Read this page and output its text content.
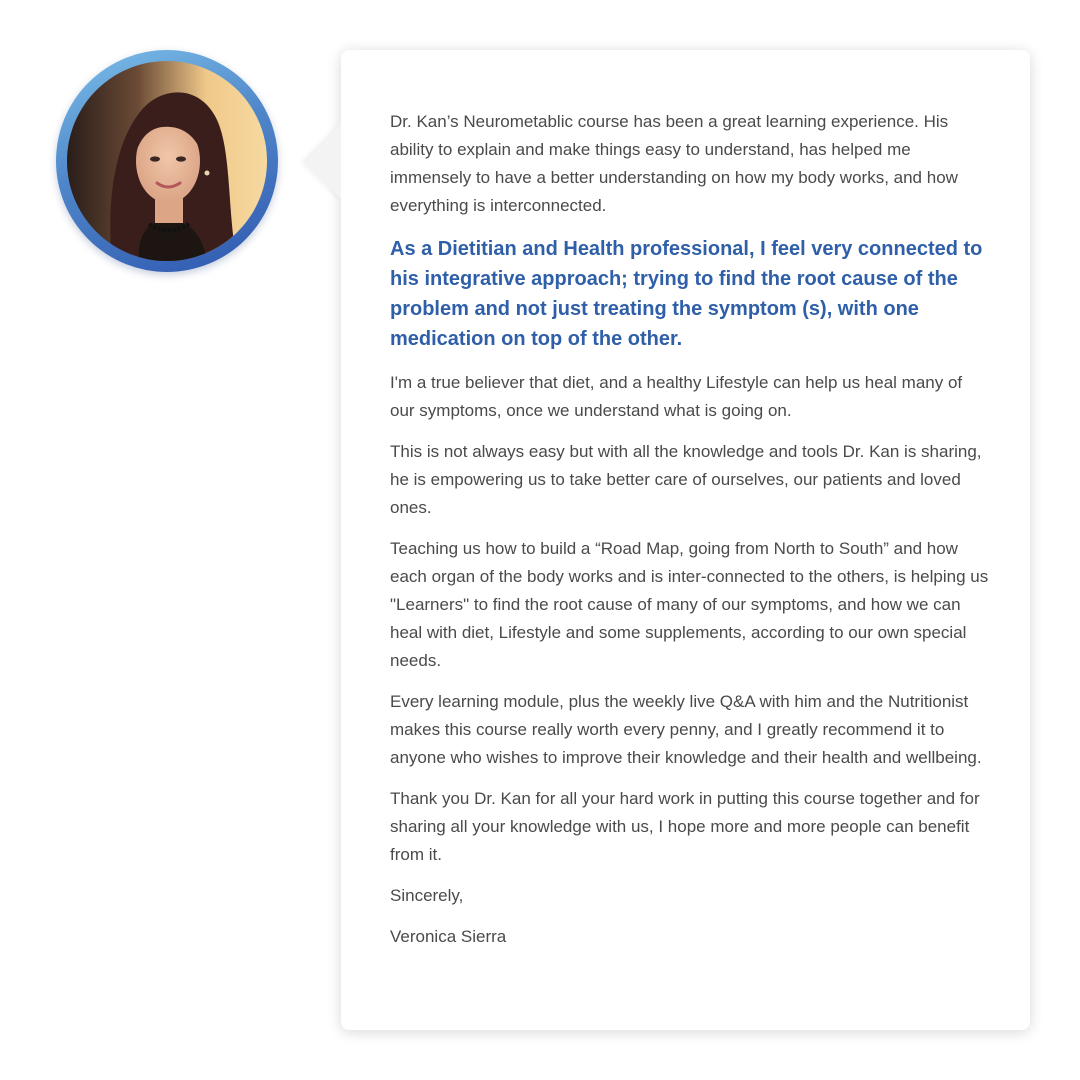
Dr. Kan’s Neurometablic course has been a great learning experience. His ability to explain and make things easy to understand, has helped me immensely to have a better understanding on how my body works, and how everything is interconnected.

As a Dietitian and Health professional, I feel very connected to his integrative approach; trying to find the root cause of the problem and not just treating the symptom (s), with one medication on top of the other.

I'm a true believer that diet, and a healthy Lifestyle can help us heal many of our symptoms, once we understand what is going on.

This is not always easy but with all the knowledge and tools Dr. Kan is sharing, he is empowering us to take better care of ourselves, our patients and loved ones.

Teaching us how to build a “Road Map, going from North to South” and how each organ of the body works and is inter-connected to the others, is helping us "Learners" to find the root cause of many of our symptoms, and how we can heal with diet, Lifestyle and some supplements, according to our own special needs.

Every learning module, plus the weekly live Q&A with him and the Nutritionist makes this course really worth every penny, and I greatly recommend it to anyone who wishes to improve their knowledge and their health and wellbeing.

Thank you Dr. Kan for all your hard work in putting this course together and for sharing all your knowledge with us, I hope more and more people can benefit from it.

Sincerely,

Veronica Sierra
